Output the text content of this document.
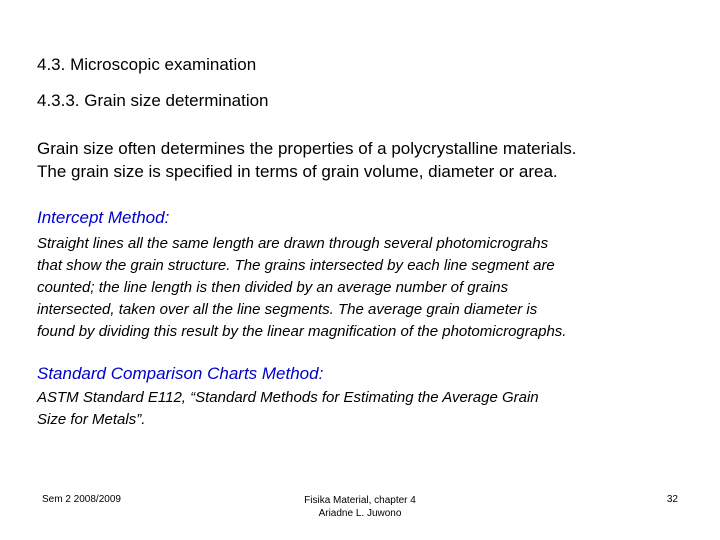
4.3. Microscopic examination

4.3.3. Grain size determination

Grain size often determines the properties of a polycrystalline materials.
The grain size is specified in terms of grain volume, diameter or area.

Intercept Method:

Straight lines all the same length are drawn through several photomicrograhs
that show the grain structure. The grains intersected by each line segment are
counted; the line length is then divided by an average number of grains
intersected, taken over all the line segments. The average grain diameter is
found by dividing this result by the linear magnification of the photomicrographs.

Standard Comparison Charts Method:

ASTM Standard E112, “Standard Methods for Estimating the Average Grain
Size for Metals”.
Sem 2 2008/2009	Fisika Material, chapter 4
Ariadne L. Juwono
32
